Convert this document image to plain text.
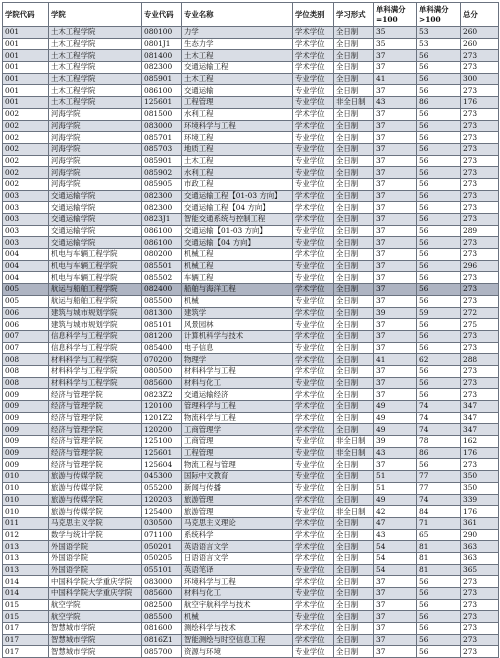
学院代码	学院	专业代码	专业名称	学位类别	学习形式	单科满分=100	单科满分>100	总分
001	土木工程学院	080100	力学	学术学位	全日制	35	53	260
001	土木工程学院	0801J1	生态力学	学术学位	全日制	35	53	260
001	土木工程学院	081400	土木工程	学术学位	全日制	37	56	273
001	土木工程学院	082300	交通运输工程	学术学位	全日制	37	56	273
001	土木工程学院	085901	土木工程	专业学位	全日制	41	56	300
001	土木工程学院	086100	交通运输	专业学位	全日制	37	56	273
001	土木工程学院	125601	工程管理	专业学位	非全日制	43	86	176
002	河海学院	081500	水利工程	学术学位	全日制	37	56	273
002	河海学院	083000	环境科学与工程	学术学位	全日制	37	56	273
002	河海学院	085701	环境工程	专业学位	全日制	37	56	273
002	河海学院	085703	地质工程	专业学位	全日制	37	56	273
002	河海学院	085901	土木工程	专业学位	全日制	37	56	273
002	河海学院	085902	水利工程	专业学位	全日制	37	56	273
002	河海学院	085905	市政工程	专业学位	全日制	37	56	273
003	交通运输学院	082300	交通运输工程【01-03 方向】	学术学位	全日制	37	56	273
003	交通运输学院	082300	交通运输工程【04 方向】	学术学位	全日制	37	56	273
003	交通运输学院	0823J1	智能交通系统与控制工程	学术学位	全日制	37	56	273
003	交通运输学院	086100	交通运输【01-03 方向】	专业学位	全日制	37	56	289
003	交通运输学院	086100	交通运输【04 方向】	专业学位	全日制	37	56	273
004	机电与车辆工程学院	080200	机械工程	学术学位	全日制	37	56	273
004	机电与车辆工程学院	085501	机械工程	专业学位	全日制	37	56	296
004	机电与车辆工程学院	085502	车辆工程	专业学位	全日制	37	56	273
005	航运与船舶工程学院	082400	船舶与海洋工程	学术学位	全日制	37	56	273
005	航运与船舶工程学院	085500	机械	专业学位	全日制	37	56	273
006	建筑与城市规划学院	081300	建筑学	学术学位	全日制	39	59	272
006	建筑与城市规划学院	085101	风景园林	专业学位	全日制	37	56	275
007	信息科学与工程学院	081200	计算机科学与技术	学术学位	全日制	37	56	273
007	信息科学与工程学院	085400	电子信息	专业学位	全日制	37	56	273
008	材料科学与工程学院	070200	物理学	学术学位	全日制	41	62	288
008	材料科学与工程学院	080500	材料科学与工程	学术学位	全日制	37	56	273
008	材料科学与工程学院	085600	材料与化工	专业学位	全日制	37	56	273
009	经济与管理学院	0823Z2	交通运输经济	学术学位	全日制	37	56	273
009	经济与管理学院	120100	管理科学与工程	学术学位	全日制	49	74	347
009	经济与管理学院	1201Z2	物流科学与工程	学术学位	全日制	49	74	347
009	经济与管理学院	120200	工商管理学	学术学位	全日制	49	74	347
009	经济与管理学院	125100	工商管理	专业学位	非全日制	39	78	162
009	经济与管理学院	125601	工程管理	专业学位	非全日制	43	86	176
009	经济与管理学院	125604	物流工程与管理	专业学位	全日制	37	56	273
010	旅游与传媒学院	045300	国际中文教育	专业学位	全日制	51	77	350
010	旅游与传媒学院	055200	新闻与传播	专业学位	全日制	51	77	350
010	旅游与传媒学院	120203	旅游管理	学术学位	全日制	49	74	339
010	旅游与传媒学院	125400	旅游管理	专业学位	非全日制	42	84	176
011	马克思主义学院	030500	马克思主义理论	学术学位	全日制	47	71	361
012	数学与统计学院	071100	系统科学	学术学位	全日制	43	65	290
013	外国语学院	050201	英语语言文学	学术学位	全日制	54	81	363
013	外国语学院	050205	日语语言文学	学术学位	全日制	54	81	363
013	外国语学院	055101	英语笔译	专业学位	全日制	54	81	365
014	中国科学院大学重庆学院	083000	环境科学与工程	学术学位	全日制	37	56	273
014	中国科学院大学重庆学院	085600	材料与化工	专业学位	全日制	37	56	273
015	航空学院	082500	航空宇航科学与技术	学术学位	全日制	37	56	273
015	航空学院	085500	机械	专业学位	全日制	37	56	273
017	智慧城市学院	081600	测绘科学与技术	学术学位	全日制	37	56	273
017	智慧城市学院	0816Z1	智能测绘与时空信息工程	学术学位	全日制	37	56	273
017	智慧城市学院	085700	资源与环境	专业学位	全日制	37	56	273
